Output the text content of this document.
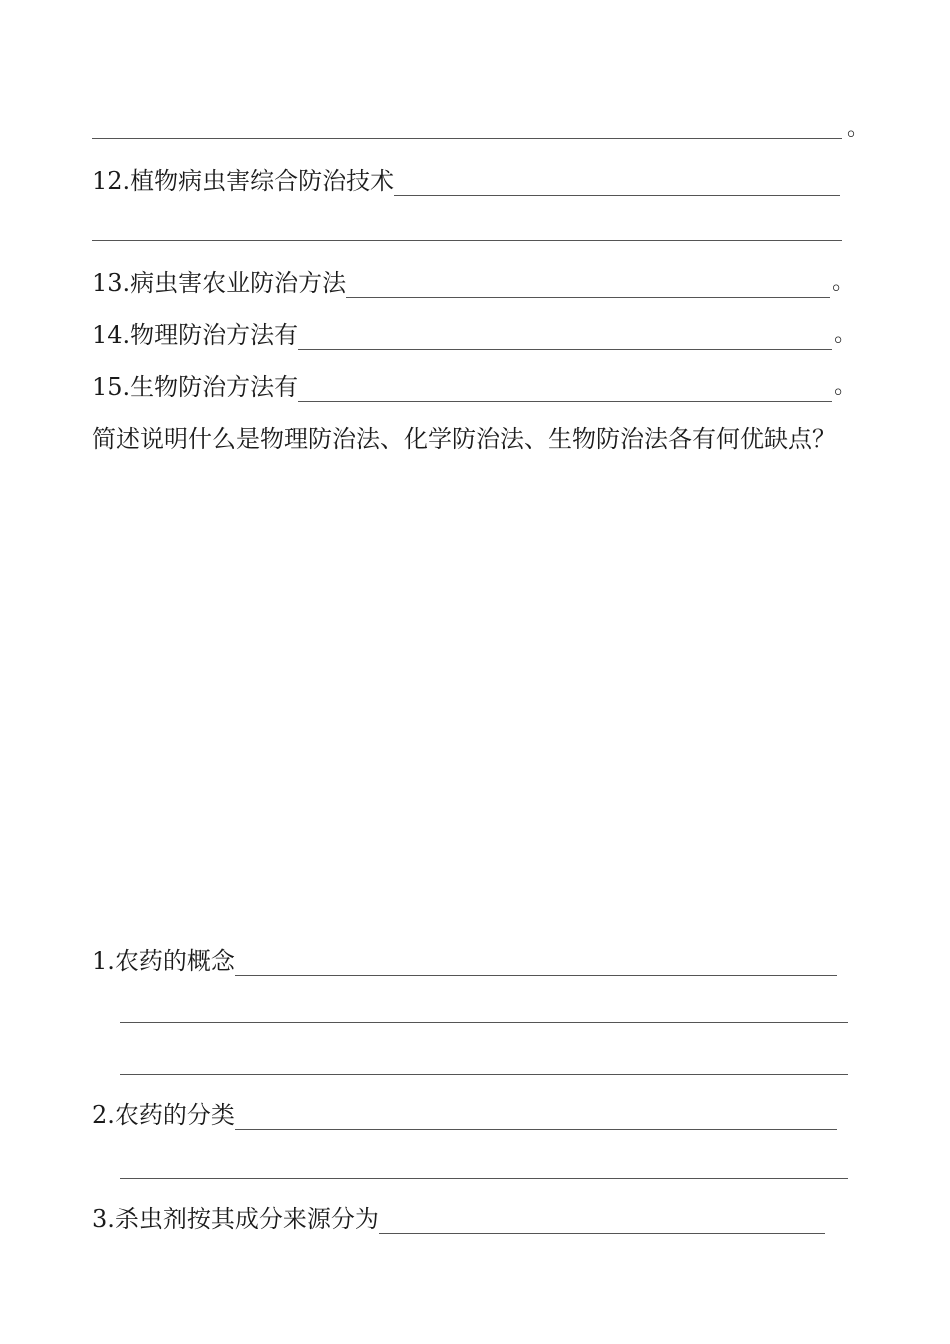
。
12.植物病虫害综合防治技术
13.病虫害农业防治方法	。
14.物理防治方法有	。
15.生物防治方法有	。
简述说明什么是物理防治法、化学防治法、生物防治法各有何优缺点？
1.农药的概念
2.农药的分类
3.杀虫剂按其成分来源分为
